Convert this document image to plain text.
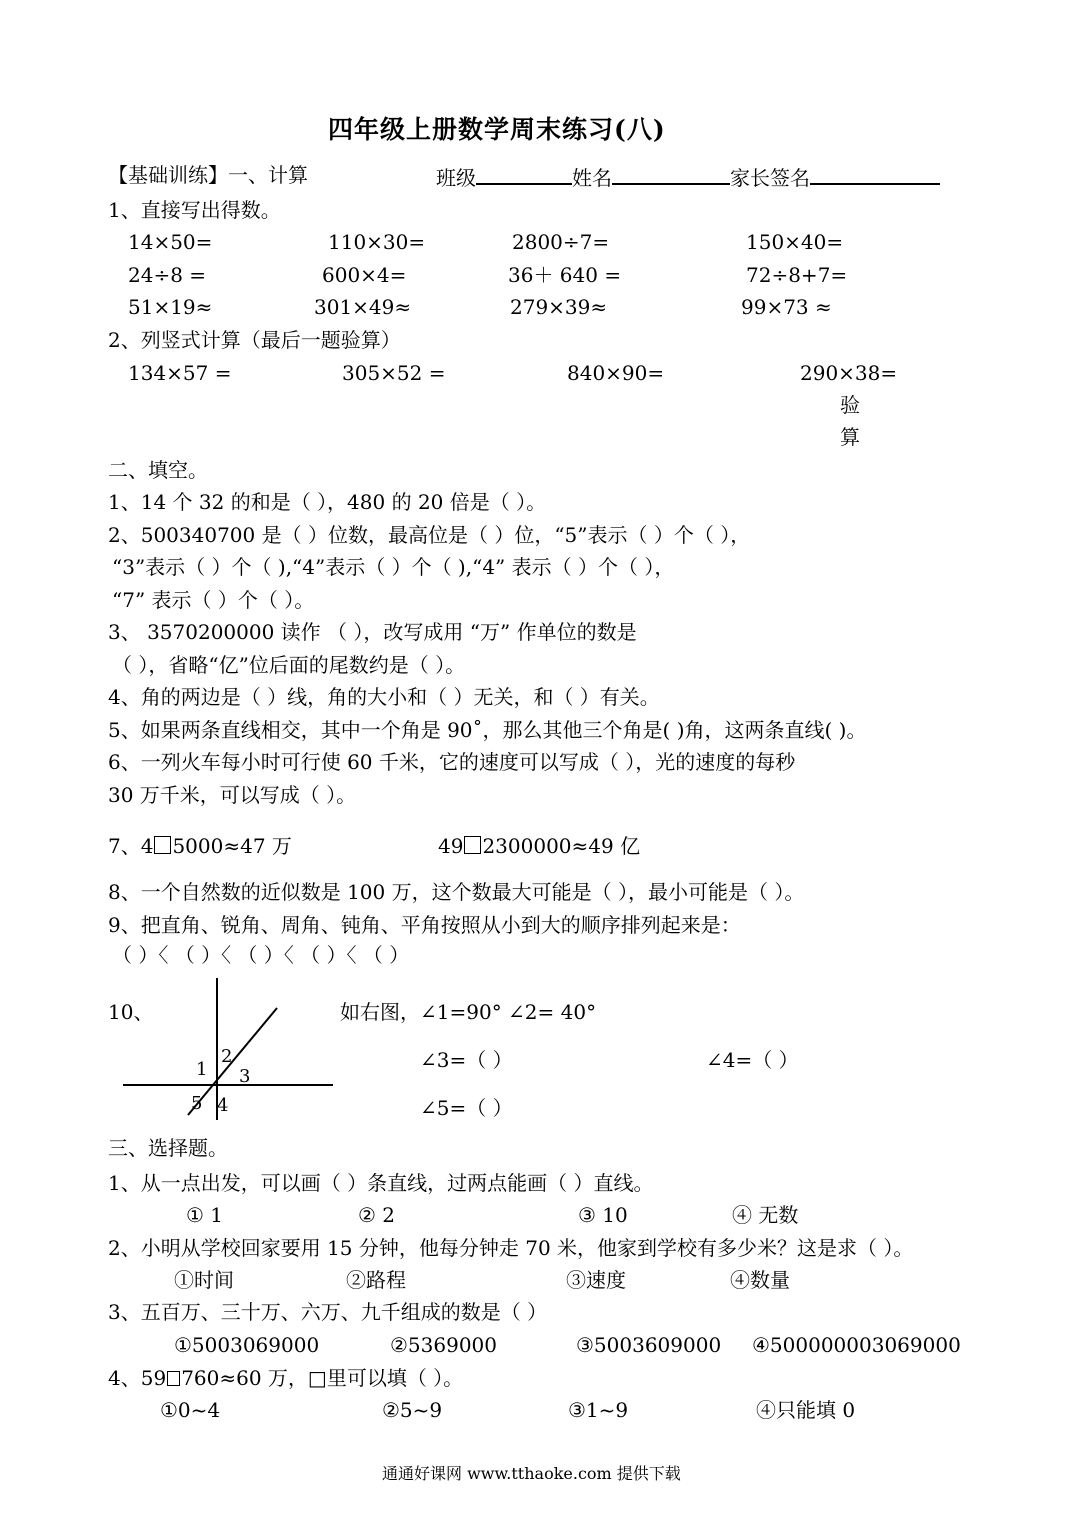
四年级上册数学周末练习(八)
【基础训练】一、计算	班级	姓名	家长签名
1、直接写出得数。
14×50=	110×30=	2800÷7=	150×40=
24÷8 =	600×4=	36＋ 640 =	72÷8+7=
51×19≈	301×49≈	279×39≈	99×73 ≈
2、列竖式计算（最后一题验算）
134×57 =	305×52 =	840×90=	290×38=
验
算
二、填空。
1、14 个 32 的和是（ ），480 的 20 倍是（ ）。
2、500340700 是（ ）位数，最高位是（ ）位，“5”表示（ ）个（ ），
“3”表示（ ）个（ ),“4”表示（ ）个（ ),“4” 表示（ ）个（ ），
“7” 表示（ ）个（ ）。
3、 3570200000 读作 （ ），改写成用 “万” 作单位的数是
（ ），省略“亿”位后面的尾数约是（ ）。
4、角的两边是（ ）线，角的大小和（ ）无关，和（ ）有关。
5、如果两条直线相交，其中一个角是 90˚，那么其他三个角是( )角，这两条直线( )。
6、一列火车每小时可行使 60 千米，它的速度可以写成（ ），光的速度的每秒
30 万千米，可以写成（ ）。
7、4 5000≈47 万	49 2300000≈49 亿
8、一个自然数的近似数是 100 万，这个数最大可能是（ ），最小可能是（ ）。
9、把直角、锐角、周角、钝角、平角按照从小到大的顺序排列起来是：
（ ）〈 （ ）〈 （ ）〈 （ ）〈 （ ）
10、
1
2
3
5 4
如右图，∠1=90° ∠2= 40°
∠3=（ ）	∠4=（ ）
∠5=（ ）
三、选择题。
1、从一点出发，可以画（ ）条直线，过两点能画（ ）直线。
① 1	② 2	③ 10	④ 无数
2、小明从学校回家要用 15 分钟，他每分钟走 70 米，他家到学校有多少米？这是求（ ）。
①时间	②路程	③速度	④数量
3、五百万、三十万、六万、九千组成的数是（ ）
①5003069000	②5369000	③5003609000 ④500000003069000
4、59 760≈60 万，□里可以填（ ）。
①0~4	②5~9	③1~9	④只能填 0
通通好课网 www.tthaoke.com 提供下载
